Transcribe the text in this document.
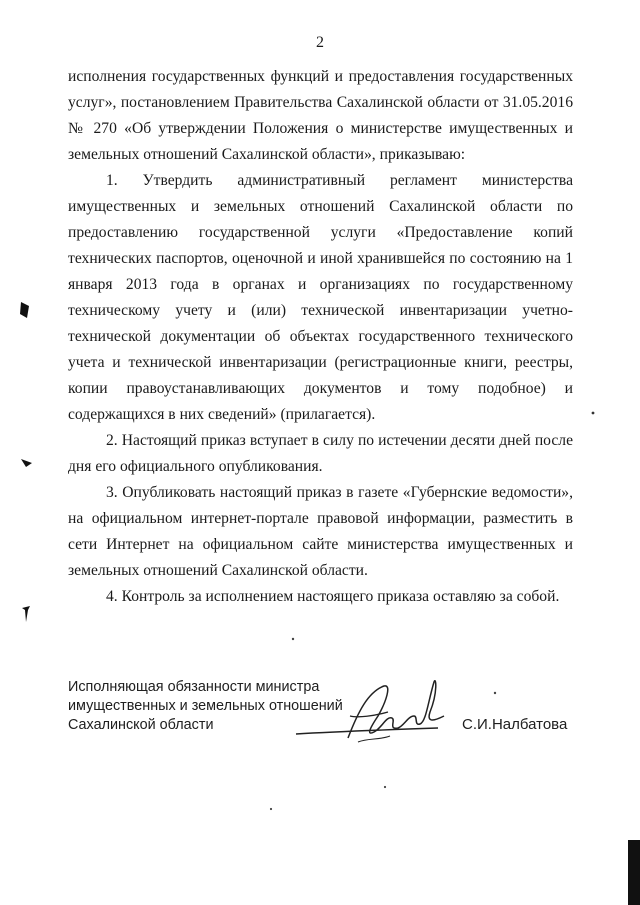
2

исполнения государственных функций и предоставления государственных услуг», постановлением Правительства Сахалинской области от 31.05.2016 № 270 «Об утверждении Положения о министерстве имущественных и земельных отношений Сахалинской области», приказываю:

1. Утвердить административный регламент министерства имущественных и земельных отношений Сахалинской области по предоставлению государственной услуги «Предоставление копий технических паспортов, оценочной и иной хранившейся по состоянию на 1 января 2013 года в органах и организациях по государственному техническому учету и (или) технической инвентаризации учетно-технической документации об объектах государственного технического учета и технической инвентаризации (регистрационные книги, реестры, копии правоустанавливающих документов и тому подобное) и содержащихся в них сведений» (прилагается).

2. Настоящий приказ вступает в силу по истечении десяти дней после дня его официального опубликования.

3. Опубликовать настоящий приказ в газете «Губернские ведомости», на официальном интернет-портале правовой информации, разместить в сети Интернет на официальном сайте министерства имущественных и земельных отношений Сахалинской области.

4. Контроль за исполнением настоящего приказа оставляю за собой.

Исполняющая обязанности министра
имущественных и земельных отношений
Сахалинской области	С.И.Налбатова
